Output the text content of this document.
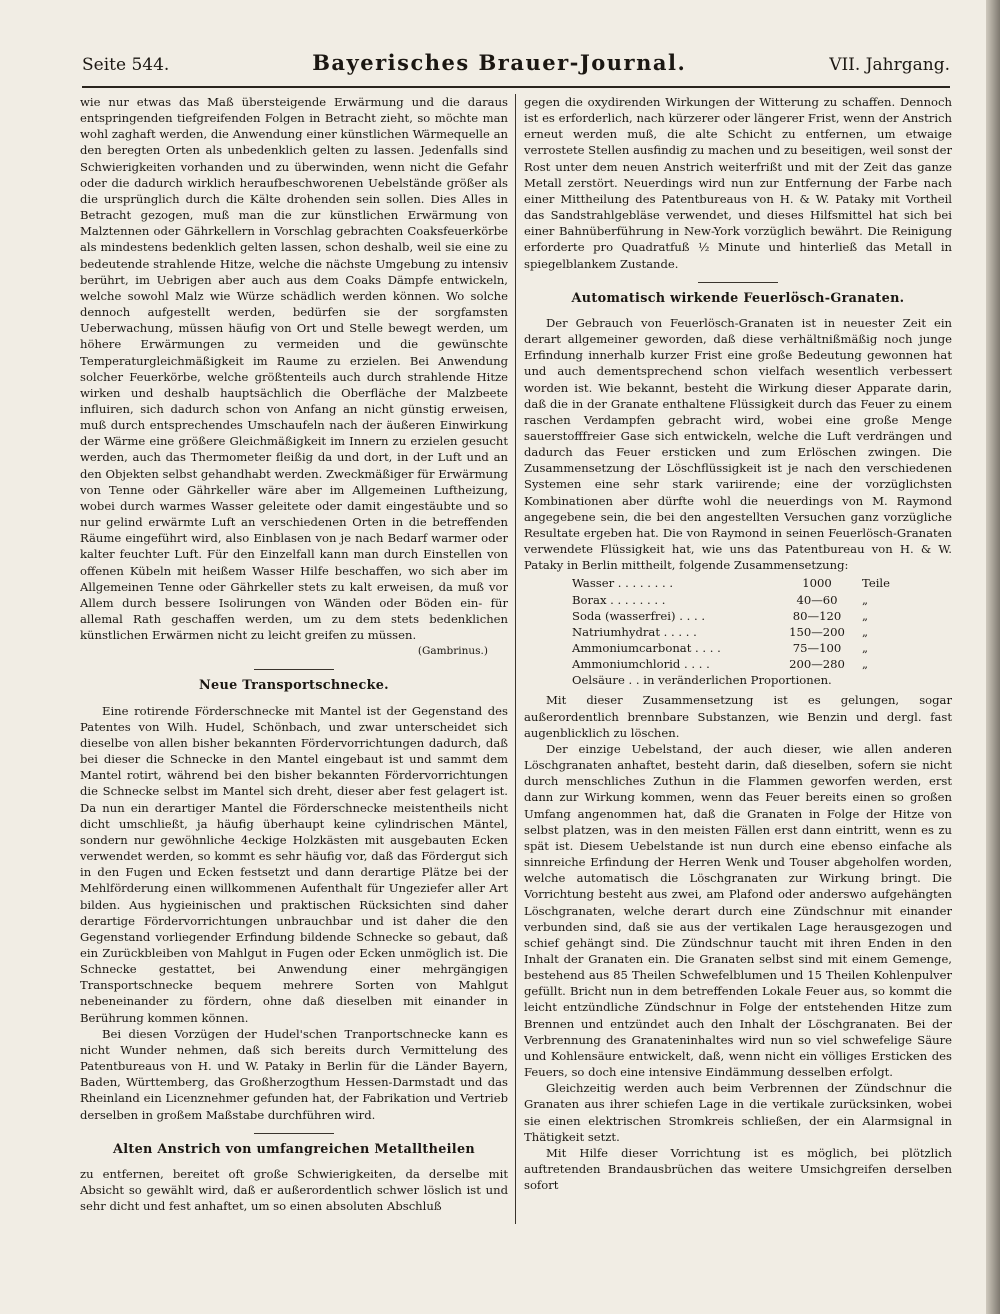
Seite 544.	Bayerisches Brauer-Journal.	VII. Jahrgang.

wie nur etwas das Maß übersteigende Erwärmung und die daraus entspringenden tiefgreifenden Folgen in Betracht zieht, so möchte man wohl zaghaft werden, die Anwendung einer künstlichen Wärmequelle an den beregten Orten als unbedenklich gelten zu lassen. Jedenfalls sind Schwierigkeiten vorhanden und zu überwinden, wenn nicht die Gefahr oder die dadurch wirklich heraufbeschworenen Uebelstände größer als die ursprünglich durch die Kälte drohenden sein sollen. Dies Alles in Betracht gezogen, muß man die zur künstlichen Erwärmung von Malztennen oder Gährkellern in Vorschlag gebrachten Coaksfeuerkörbe als mindestens bedenklich gelten lassen, schon deshalb, weil sie eine zu bedeutende strahlende Hitze, welche die nächste Umgebung zu intensiv berührt, im Uebrigen aber auch aus dem Coaks Dämpfe entwickeln, welche sowohl Malz wie Würze schädlich werden können. Wo solche dennoch aufgestellt werden, bedürfen sie der sorgfamsten Ueberwachung, müssen häufig von Ort und Stelle bewegt werden, um höhere Erwärmungen zu vermeiden und die gewünschte Temperaturgleichmäßigkeit im Raume zu erzielen. Bei Anwendung solcher Feuerkörbe, welche größtenteils auch durch strahlende Hitze wirken und deshalb hauptsächlich die Oberfläche der Malzbeete influiren, sich dadurch schon von Anfang an nicht günstig erweisen, muß durch entsprechendes Umschaufeln nach der äußeren Einwirkung der Wärme eine größere Gleichmäßigkeit im Innern zu erzielen gesucht werden, auch das Thermometer fleißig da und dort, in der Luft und an den Objekten selbst gehandhabt werden. Zweckmäßiger für Erwärmung von Tenne oder Gährkeller wäre aber im Allgemeinen Luftheizung, wobei durch warmes Wasser geleitete oder damit eingestäubte und so nur gelind erwärmte Luft an verschiedenen Orten in die betreffenden Räume eingeführt wird, also Einblasen von je nach Bedarf warmer oder kalter feuchter Luft. Für den Einzelfall kann man durch Einstellen von offenen Kübeln mit heißem Wasser Hilfe beschaffen, wo sich aber im Allgemeinen Tenne oder Gährkeller stets zu kalt erweisen, da muß vor Allem durch bessere Isolirungen von Wänden oder Böden ein- für allemal Rath geschaffen werden, um zu dem stets bedenklichen künstlichen Erwärmen nicht zu leicht greifen zu müssen.

(Gambrinus.)
Neue Transportschnecke.

Eine rotirende Förderschnecke mit Mantel ist der Gegenstand des Patentes von Wilh. Hudel, Schönbach, und zwar unterscheidet sich dieselbe von allen bisher bekannten Fördervorrichtungen dadurch, daß bei dieser die Schnecke in den Mantel eingebaut ist und sammt dem Mantel rotirt, während bei den bisher bekannten Fördervorrichtungen die Schnecke selbst im Mantel sich dreht, dieser aber fest gelagert ist. Da nun ein derartiger Mantel die Förderschnecke meistentheils nicht dicht umschließt, ja häufig überhaupt keine cylindrischen Mäntel, sondern nur gewöhnliche 4eckige Holzkästen mit ausgebauten Ecken verwendet werden, so kommt es sehr häufig vor, daß das Fördergut sich in den Fugen und Ecken festsetzt und dann derartige Plätze bei der Mehlförderung einen willkommenen Aufenthalt für Ungeziefer aller Art bilden. Aus hygieinischen und praktischen Rücksichten sind daher derartige Fördervorrichtungen unbrauchbar und ist daher die den Gegenstand vorliegender Erfindung bildende Schnecke so gebaut, daß ein Zurückbleiben von Mahlgut in Fugen oder Ecken unmöglich ist. Die Schnecke gestattet, bei Anwendung einer mehrgängigen Transportschnecke bequem mehrere Sorten von Mahlgut nebeneinander zu fördern, ohne daß dieselben mit einander in Berührung kommen können.

Bei diesen Vorzügen der Hudel'schen Tranportschnecke kann es nicht Wunder nehmen, daß sich bereits durch Vermittelung des Patentbureaus von H. und W. Pataky in Berlin für die Länder Bayern, Baden, Württemberg, das Großherzogthum Hessen-Darmstadt und das Rheinland ein Licenznehmer gefunden hat, der Fabrikation und Vertrieb derselben in großem Maßstabe durchführen wird.

Alten Anstrich von umfangreichen Metalltheilen

zu entfernen, bereitet oft große Schwierigkeiten, da derselbe mit Absicht so gewählt wird, daß er außerordentlich schwer löslich ist und sehr dicht und fest anhaftet, um so einen absoluten Abschluß

gegen die oxydirenden Wirkungen der Witterung zu schaffen. Dennoch ist es erforderlich, nach kürzerer oder längerer Frist, wenn der Anstrich erneut werden muß, die alte Schicht zu entfernen, um etwaige verrostete Stellen ausfindig zu machen und zu beseitigen, weil sonst der Rost unter dem neuen Anstrich weiterfrißt und mit der Zeit das ganze Metall zerstört. Neuerdings wird nun zur Entfernung der Farbe nach einer Mittheilung des Patentbureaus von H. & W. Pataky mit Vortheil das Sandstrahlgebläse verwendet, und dieses Hilfsmittel hat sich bei einer Bahnüberführung in New-York vorzüglich bewährt. Die Reinigung erforderte pro Quadratfuß ½ Minute und hinterließ das Metall in spiegelblankem Zustande.

Automatisch wirkende Feuerlösch-Granaten.

Der Gebrauch von Feuerlösch-Granaten ist in neuester Zeit ein derart allgemeiner geworden, daß diese verhältnißmäßig noch junge Erfindung innerhalb kurzer Frist eine große Bedeutung gewonnen hat und auch dementsprechend schon vielfach wesentlich verbessert worden ist. Wie bekannt, besteht die Wirkung dieser Apparate darin, daß die in der Granate enthaltene Flüssigkeit durch das Feuer zu einem raschen Verdampfen gebracht wird, wobei eine große Menge sauerstofffreier Gase sich entwickeln, welche die Luft verdrängen und dadurch das Feuer ersticken und zum Erlöschen zwingen. Die Zusammensetzung der Löschflüssigkeit ist je nach den verschiedenen Systemen eine sehr stark variirende; eine der vorzüglichsten Kombinationen aber dürfte wohl die neuerdings von M. Raymond angegebene sein, die bei den angestellten Versuchen ganz vorzügliche Resultate ergeben hat. Die von Raymond in seinen Feuerlösch-Granaten verwendete Flüssigkeit hat, wie uns das Patentbureau von H. & W. Pataky in Berlin mittheilt, folgende Zusammensetzung:

Wasser . . . . . . . .	1000	Teile
Borax . . . . . . . .	40—60	„
Soda (wasserfrei) . . . .	80—120	„
Natriumhydrat . . . . .	150—200	„
Ammoniumcarbonat . . . .	75—100	„
Ammoniumchlorid . . . .	200—280	„
Oelsäure . . in veränderlichen Proportionen.

Mit dieser Zusammensetzung ist es gelungen, sogar außerordentlich brennbare Substanzen, wie Benzin und dergl. fast augenblicklich zu löschen.

Der einzige Uebelstand, der auch dieser, wie allen anderen Löschgranaten anhaftet, besteht darin, daß dieselben, sofern sie nicht durch menschliches Zuthun in die Flammen geworfen werden, erst dann zur Wirkung kommen, wenn das Feuer bereits einen so großen Umfang angenommen hat, daß die Granaten in Folge der Hitze von selbst platzen, was in den meisten Fällen erst dann eintritt, wenn es zu spät ist. Diesem Uebelstande ist nun durch eine ebenso einfache als sinnreiche Erfindung der Herren Wenk und Touser abgeholfen worden, welche automatisch die Löschgranaten zur Wirkung bringt. Die Vorrichtung besteht aus zwei, am Plafond oder anderswo aufgehängten Löschgranaten, welche derart durch eine Zündschnur mit einander verbunden sind, daß sie aus der vertikalen Lage herausgezogen und schief gehängt sind. Die Zündschnur taucht mit ihren Enden in den Inhalt der Granaten ein. Die Granaten selbst sind mit einem Gemenge, bestehend aus 85 Theilen Schwefelblumen und 15 Theilen Kohlenpulver gefüllt. Bricht nun in dem betreffenden Lokale Feuer aus, so kommt die leicht entzündliche Zündschnur in Folge der entstehenden Hitze zum Brennen und entzündet auch den Inhalt der Löschgranaten. Bei der Verbrennung des Granateninhaltes wird nun so viel schwefelige Säure und Kohlensäure entwickelt, daß, wenn nicht ein völliges Ersticken des Feuers, so doch eine intensive Eindämmung desselben erfolgt.

Gleichzeitig werden auch beim Verbrennen der Zündschnur die Granaten aus ihrer schiefen Lage in die vertikale zurücksinken, wobei sie einen elektrischen Stromkreis schließen, der ein Alarmsignal in Thätigkeit setzt.

Mit Hilfe dieser Vorrichtung ist es möglich, bei plötzlich auftretenden Brandausbrüchen das weitere Umsichgreifen derselben sofort
